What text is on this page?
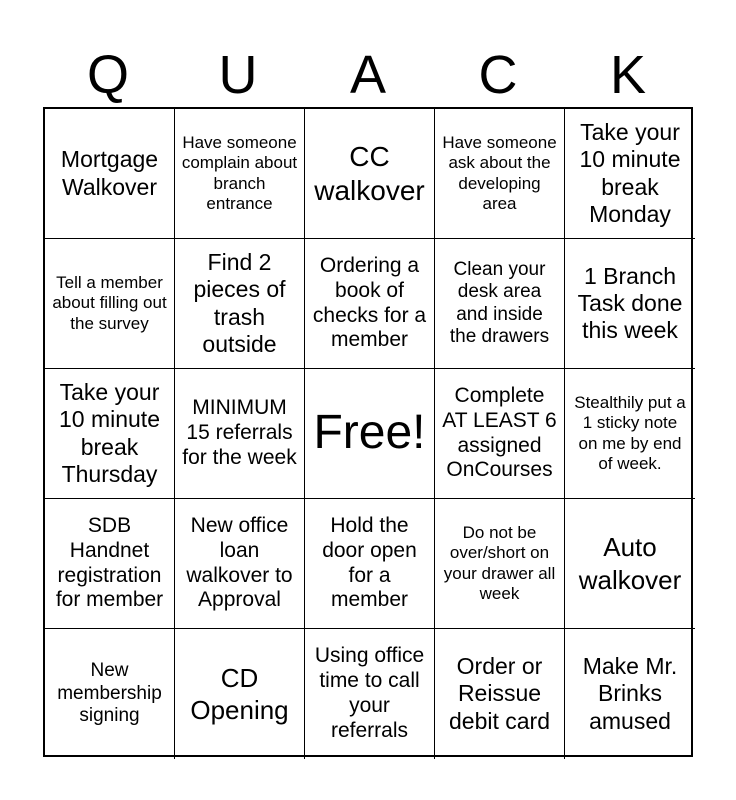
Q	U	A	C	K
Mortgage Walkover
Have someone complain about branch entrance
CC walkover
Have someone ask about the developing area
Take your 10 minute break Monday
Tell a member about filling out the survey
Find 2 pieces of trash outside
Ordering a book of checks for a member
Clean your desk area and inside the drawers
1 Branch Task done this week
Take your 10 minute break Thursday
MINIMUM 15 referrals for the week Free!
Complete AT LEAST 6 assigned OnCourses
Stealthily put a 1 sticky note on me by end of week.
SDB Handnet registration for member
New office loan walkover to Approval
Hold the door open for a member
Do not be over/short on your drawer all week
Auto walkover
New membership signing
CD Opening
Using office time to call your referrals
Order or Reissue debit card
Make Mr. Brinks amused
